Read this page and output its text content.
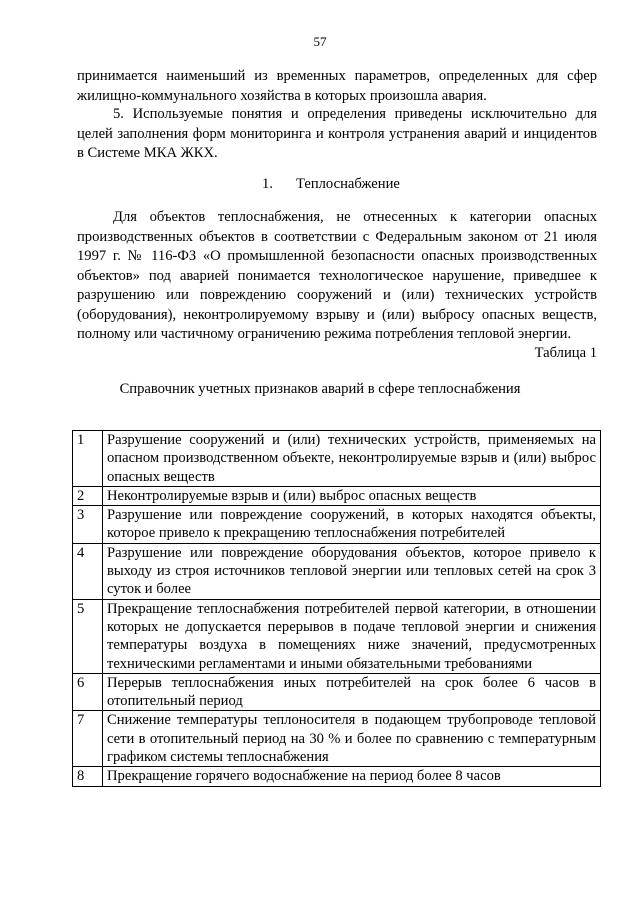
57

принимается наименьший из временных параметров, определенных для сфер жилищно-коммунального хозяйства в которых произошла авария.

5. Используемые понятия и определения приведены исключительно для целей заполнения форм мониторинга и контроля устранения аварий и инцидентов в Системе МКА ЖКХ.

1. Теплоснабжение

Для объектов теплоснабжения, не отнесенных к категории опасных производственных объектов в соответствии с Федеральным законом от 21 июля 1997 г. № 116-ФЗ «О промышленной безопасности опасных производственных объектов» под аварией понимается технологическое нарушение, приведшее к разрушению или повреждению сооружений и (или) технических устройств (оборудования), неконтролируемому взрыву и (или) выбросу опасных веществ, полному или частичному ограничению режима потребления тепловой энергии.

Таблица 1
Справочник учетных признаков аварий в сфере теплоснабжения
1	Разрушение сооружений и (или) технических устройств, применяемых на опасном производственном объекте, неконтролируемые взрыв и (или) выброс опасных веществ
2	Неконтролируемые взрыв и (или) выброс опасных веществ
3	Разрушение или повреждение сооружений, в которых находятся объекты, которое привело к прекращению теплоснабжения потребителей
4	Разрушение или повреждение оборудования объектов, которое привело к выходу из строя источников тепловой энергии или тепловых сетей на срок 3 суток и более
5	Прекращение теплоснабжения потребителей первой категории, в отношении которых не допускается перерывов в подаче тепловой энергии и снижения температуры воздуха в помещениях ниже значений, предусмотренных техническими регламентами и иными обязательными требованиями
6	Перерыв теплоснабжения иных потребителей на срок более 6 часов в отопительный период
7	Снижение температуры теплоносителя в подающем трубопроводе тепловой сети в отопительный период на 30 % и более по сравнению с температурным графиком системы теплоснабжения
8	Прекращение горячего водоснабжение на период более 8 часов
